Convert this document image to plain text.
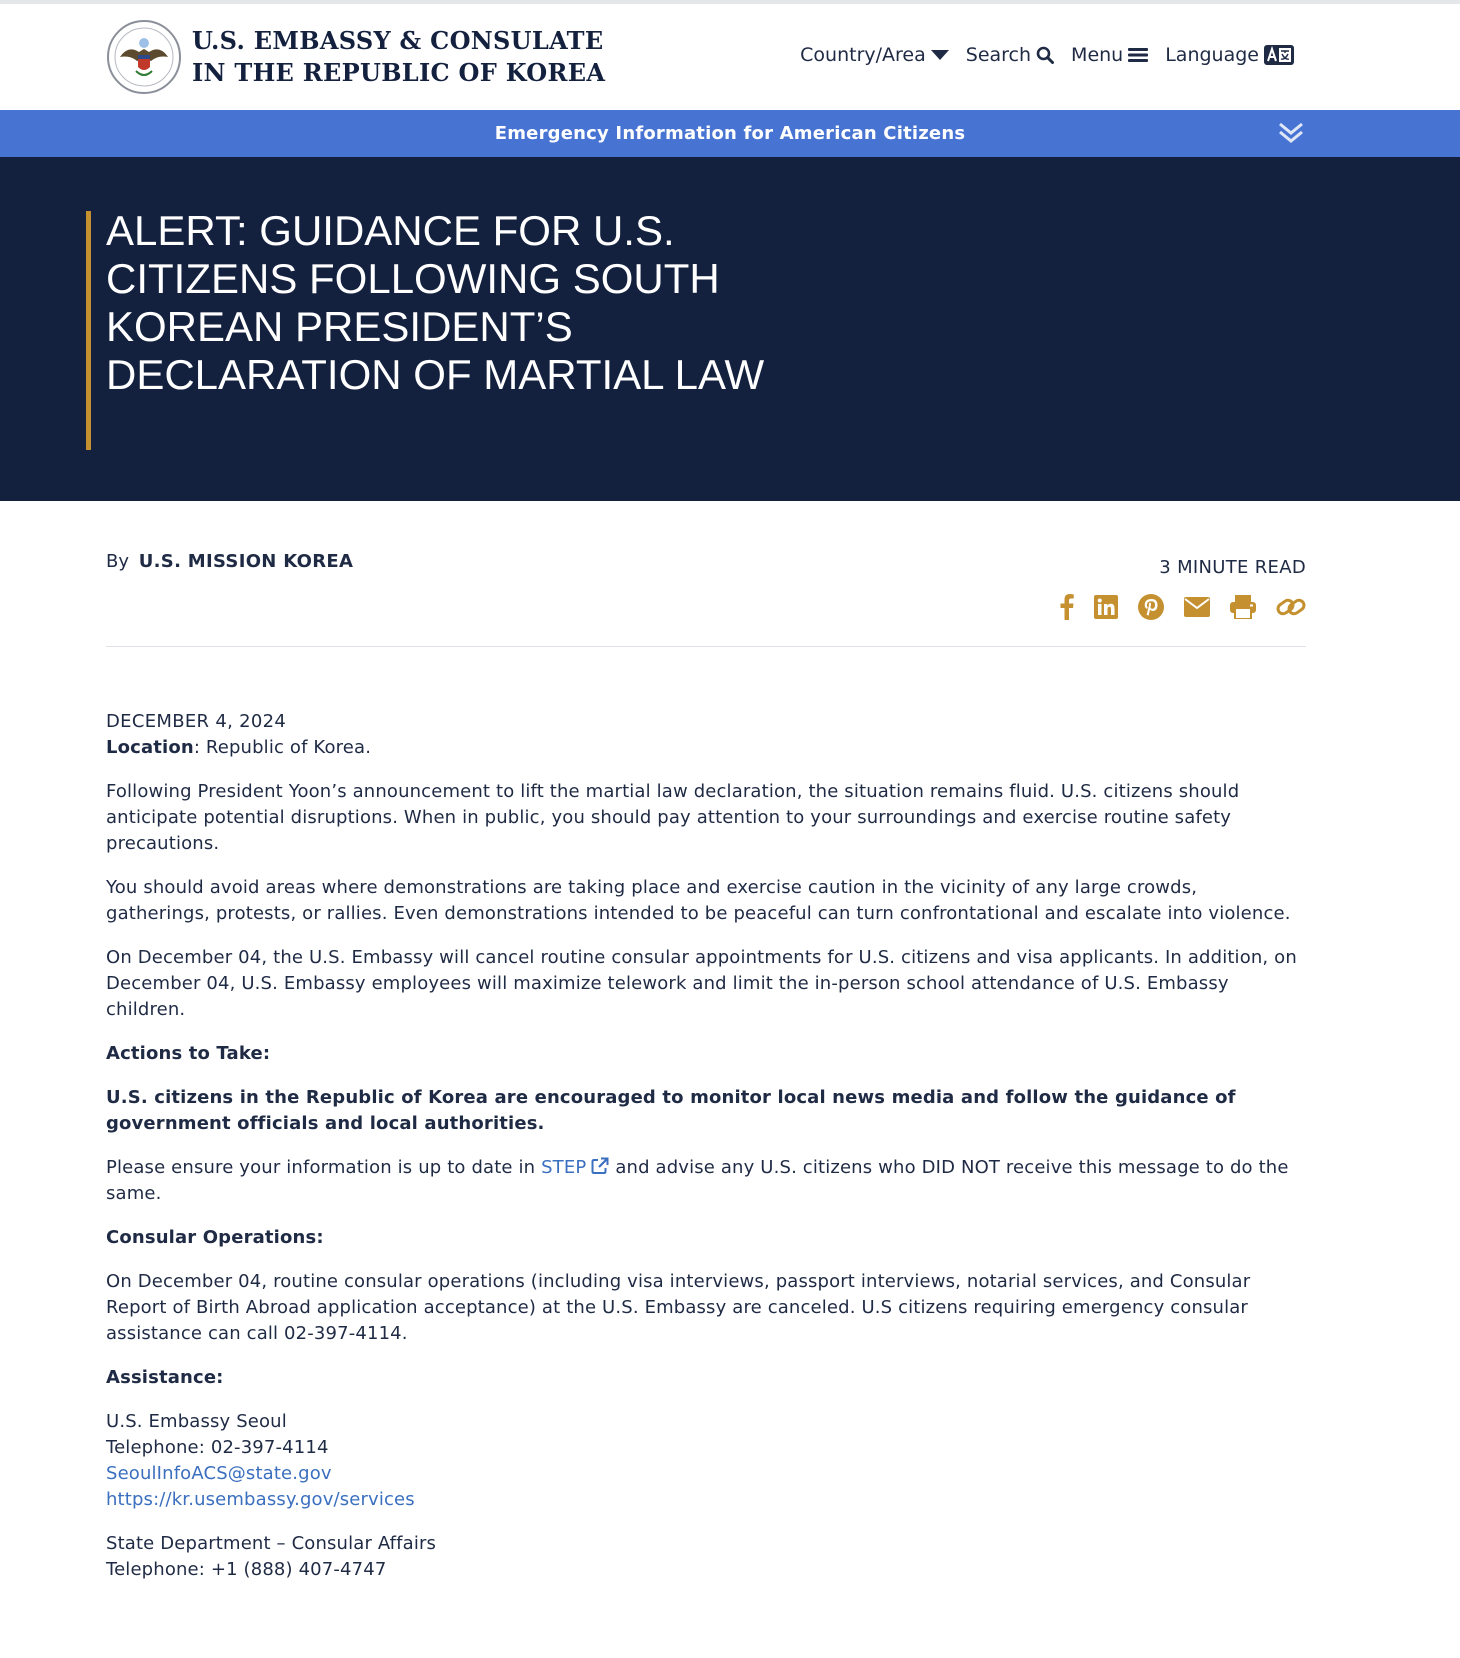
U.S. EMBASSY & CONSULATE
IN THE REPUBLIC OF KOREA
Country/Area Search Menu Language
Emergency Information for American Citizens
ALERT: GUIDANCE FOR U.S. CITIZENS FOLLOWING SOUTH KOREAN PRESIDENT’S DECLARATION OF MARTIAL LAW
By U.S. MISSION KOREA	3 MINUTE READ
DECEMBER 4, 2024

Location: Republic of Korea.

Following President Yoon’s announcement to lift the martial law declaration, the situation remains fluid. U.S. citizens should anticipate potential disruptions. When in public, you should pay attention to your surroundings and exercise routine safety precautions.

You should avoid areas where demonstrations are taking place and exercise caution in the vicinity of any large crowds, gatherings, protests, or rallies. Even demonstrations intended to be peaceful can turn confrontational and escalate into violence.

On December 04, the U.S. Embassy will cancel routine consular appointments for U.S. citizens and visa applicants. In addition, on December 04, U.S. Embassy employees will maximize telework and limit the in-person school attendance of U.S. Embassy children.

Actions to Take:

U.S. citizens in the Republic of Korea are encouraged to monitor local news media and follow the guidance of government officials and local authorities.

Please ensure your information is up to date in STEP and advise any U.S. citizens who DID NOT receive this message to do the same.

Consular Operations:

On December 04, routine consular operations (including visa interviews, passport interviews, notarial services, and Consular Report of Birth Abroad application acceptance) at the U.S. Embassy are canceled. U.S citizens requiring emergency consular assistance can call 02-397-4114.

Assistance:

U.S. Embassy Seoul
Telephone: 02-397-4114
SeoulInfoACS@state.gov
https://kr.usembassy.gov/services

State Department – Consular Affairs
Telephone: +1 (888) 407-4747
